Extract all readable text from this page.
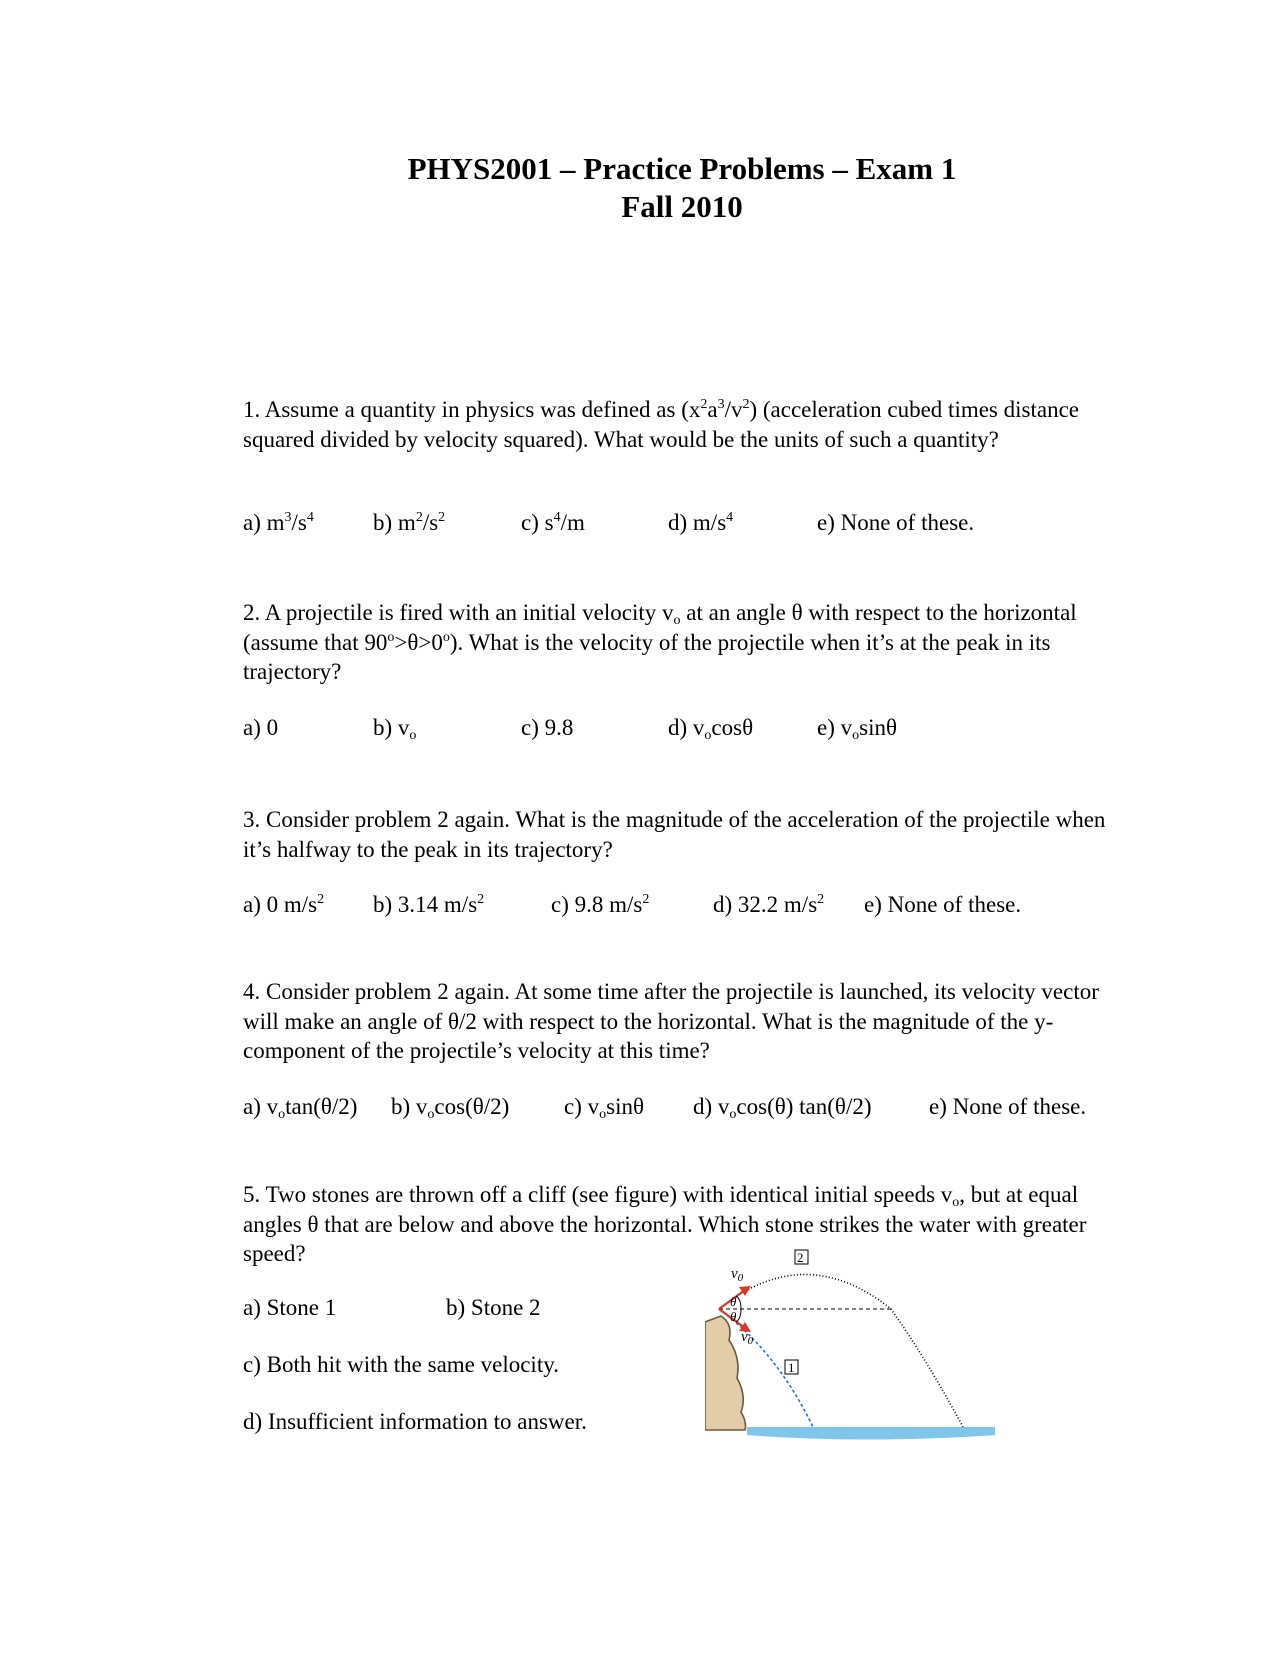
PHYS2001 – Practice Problems – Exam 1
Fall 2010
1. Assume a quantity in physics was defined as $(x^2a^3/v^2)$ (acceleration cubed times distance squared divided by velocity squared). What would be the units of such a quantity?
a) $m^3/s^4$	b) $m^2/s^2$	c) $s^4/m$	d) $m/s^4$	e) None of these.
2. A projectile is fired with an initial velocity $v_o$ at an angle θ with respect to the horizontal (assume that $90^o>\theta>0^o$). What is the velocity of the projectile when it’s at the peak in its trajectory?
a) 0	b) $v_o$	c) 9.8	d) $v_o\cos\theta$	e) $v_o\sin\theta$
3. Consider problem 2 again. What is the magnitude of the acceleration of the projectile when it’s halfway to the peak in its trajectory?
a) 0 $m/s^2$ b) 3.14 $m/s^2$	c) 9.8 $m/s^2$	d) 32.2 $m/s^2$ e) None of these.
4. Consider problem 2 again. At some time after the projectile is launched, its velocity vector will make an angle of θ/2 with respect to the horizontal. What is the magnitude of the y-component of the projectile’s velocity at this time?
a) $v_o\tan(\theta/2)$ b) $v_o\cos(\theta/2)$ c) $v_o\sin\theta$ d) $v_o\cos(\theta)$ tan(θ/2)	e) None of these.
5. Two stones are thrown off a cliff (see figure) with identical initial speeds $v_o$, but at equal angles θ that are below and above the horizontal. Which stone strikes the water with greater speed?
a) Stone 1	b) Stone 2
c) Both hit with the same velocity.
d) Insufficient information to answer.
θ
θ
$v_0$
$v_0$
2
1
